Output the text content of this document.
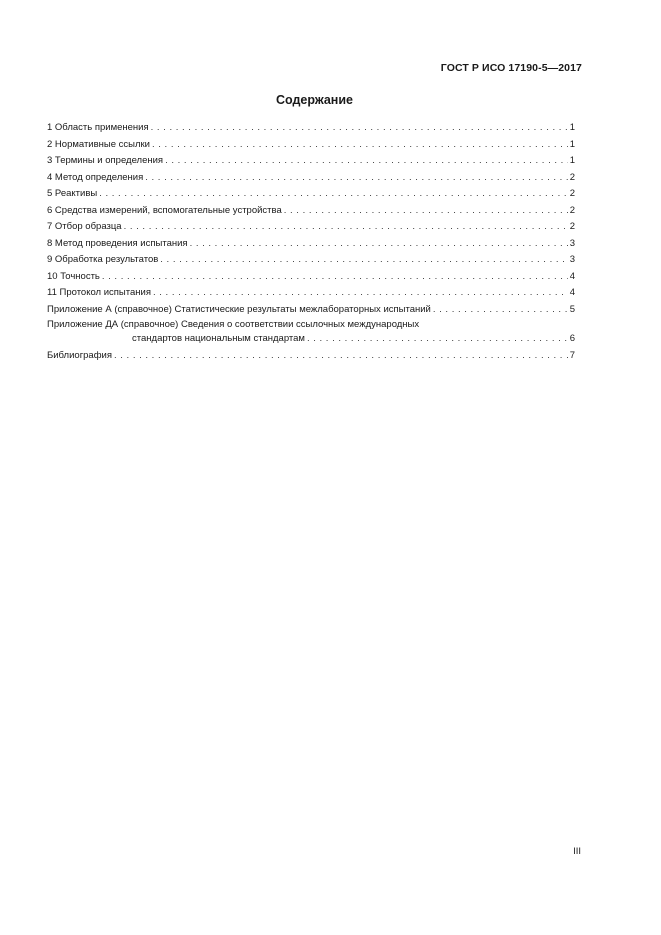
ГОСТ Р ИСО 17190-5—2017
Содержание
1 Область применения . . .	1
2 Нормативные ссылки . . .	1
3 Термины и определения . . .	1
4 Метод определения . . .	2
5 Реактивы . . .	2
6 Средства измерений, вспомогательные устройства . . .	2
7 Отбор образца . . .	2
8 Метод проведения испытания . . .	3
9 Обработка результатов . . .	3
10 Точность . . .	4
11 Протокол испытания . . .	4
Приложение А (справочное) Статистические результаты межлабораторных испытаний . . .	5
Приложение ДА (справочное) Сведения о соответствии ссылочных международных
стандартов национальным стандартам . . .	6
Библиография . . .	7
III
